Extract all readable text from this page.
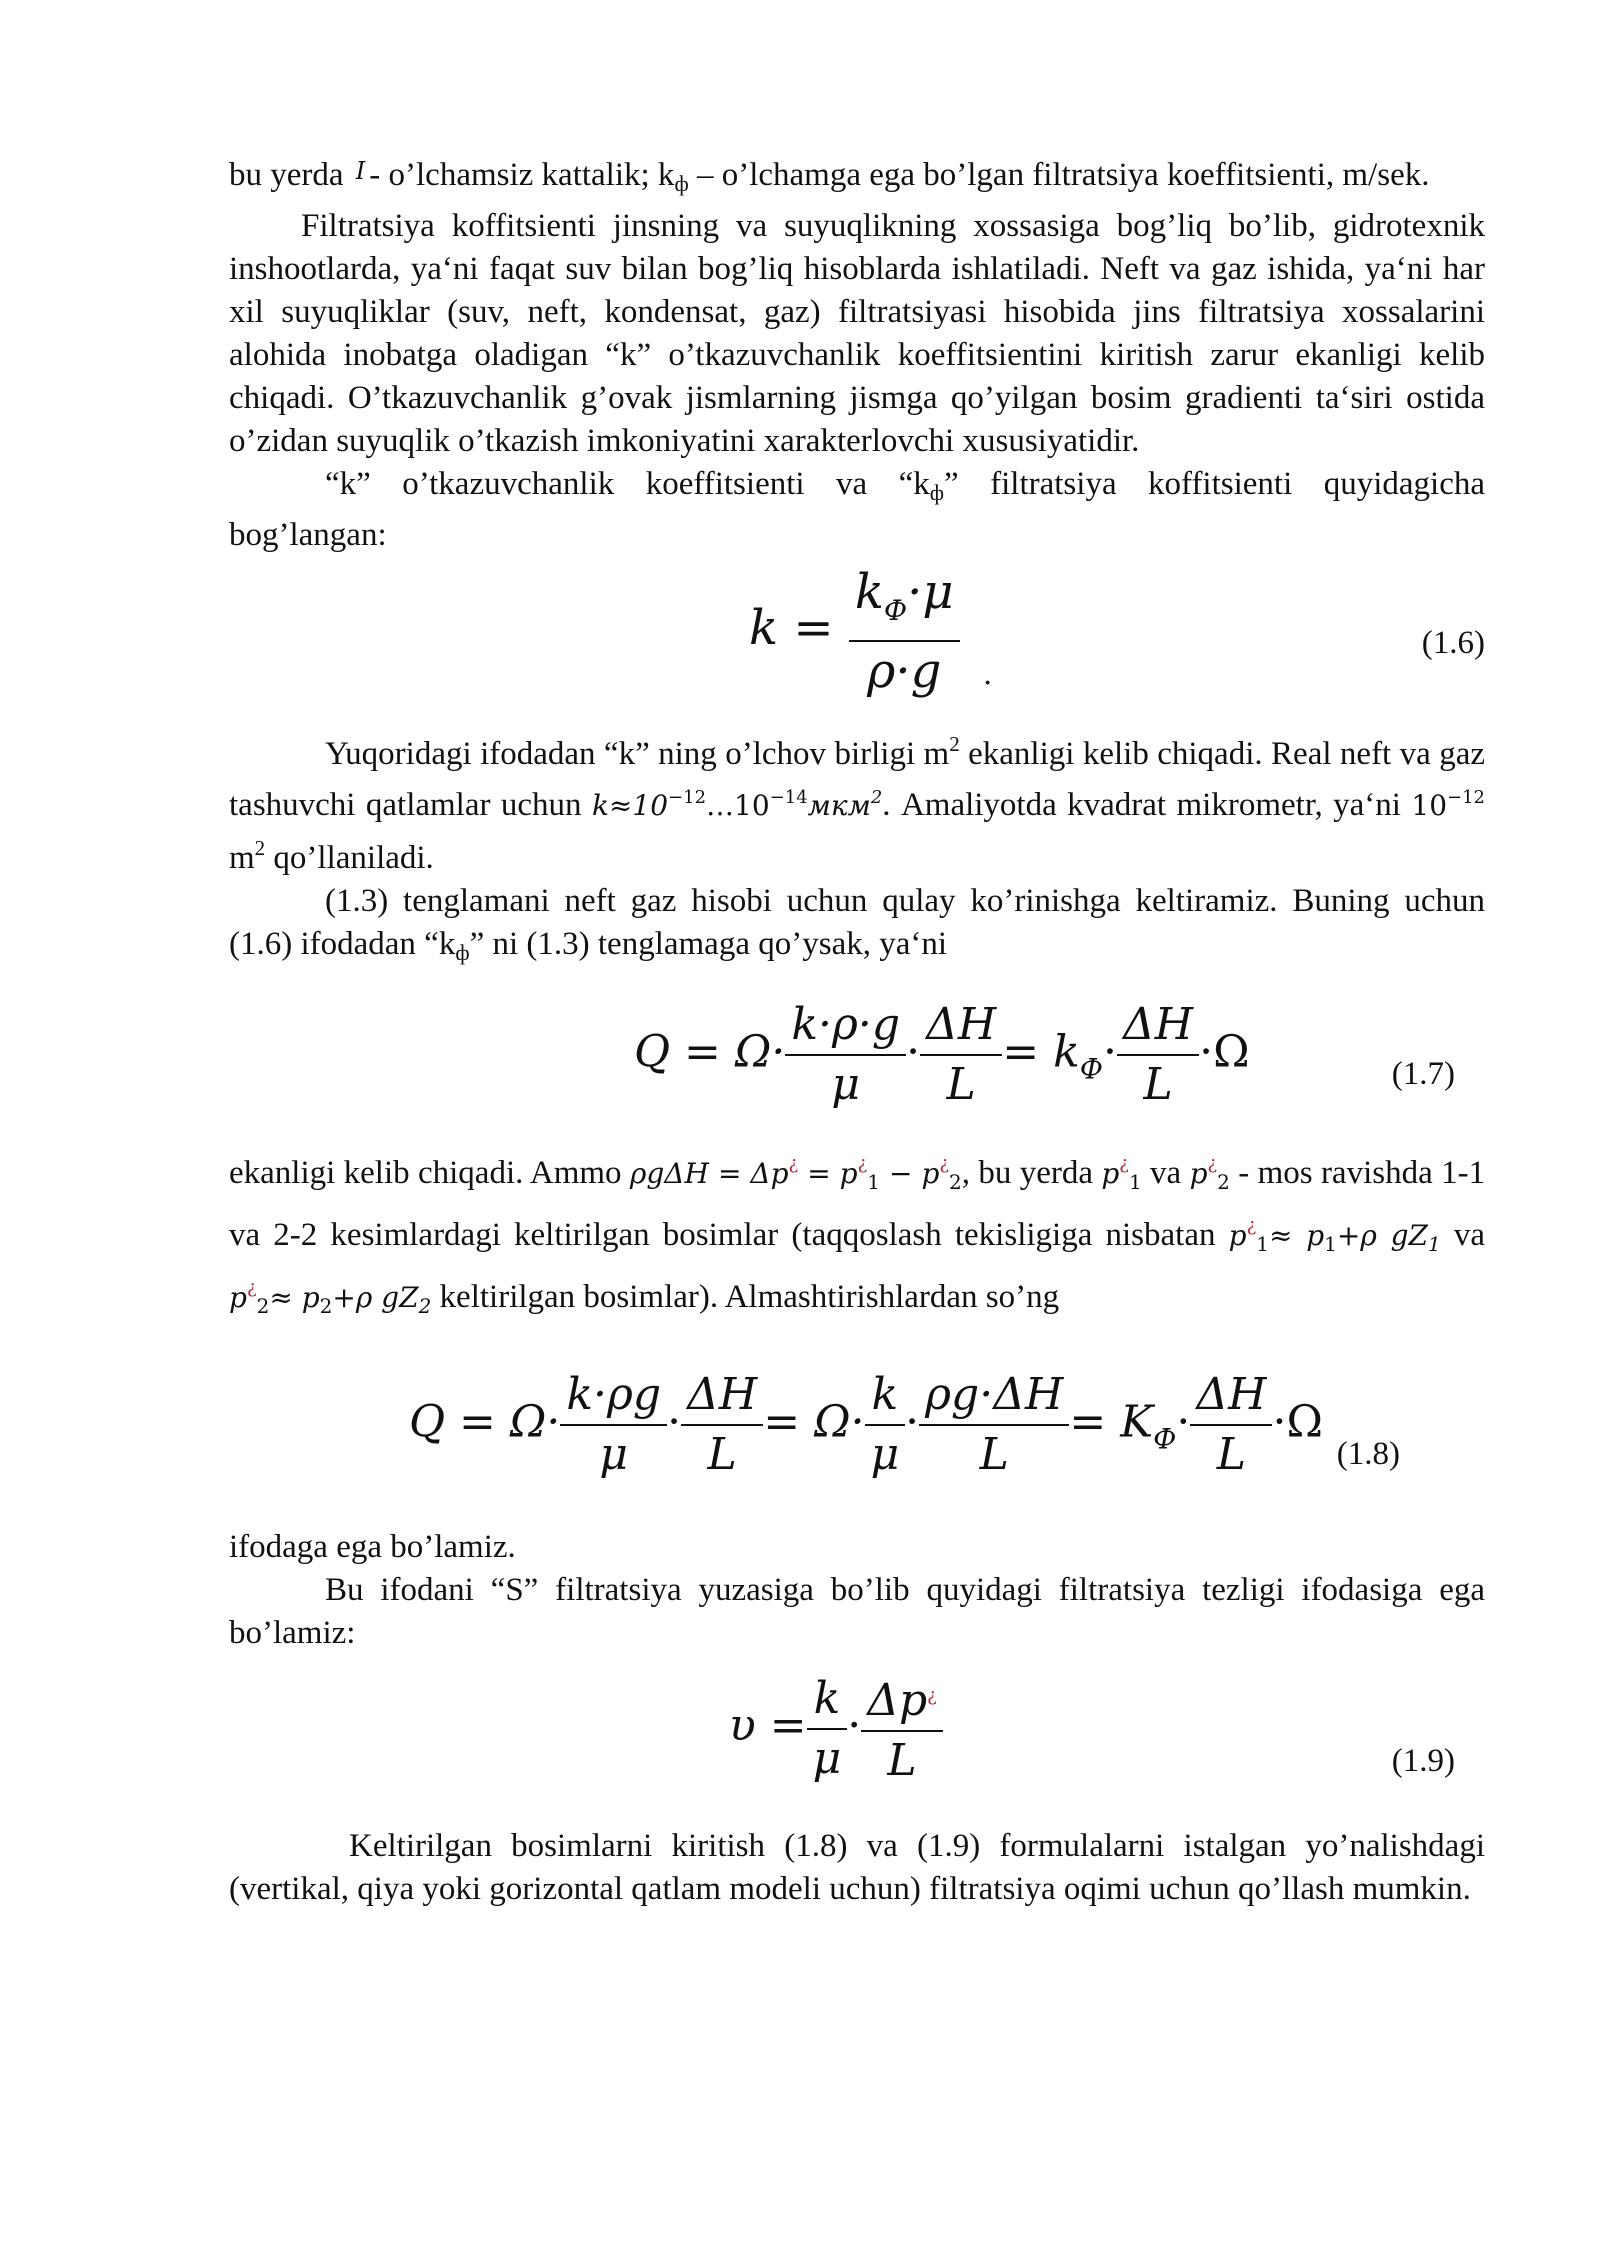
bu yerda I - o’lchamsiz kattalik; $k_ф$ – o’lchamga ega bo’lgan filtratsiya koeffitsienti, m/sek.

Filtratsiya koffitsienti jinsning va suyuqlikning xossasiga bog’liq bo’lib, gidrotexnik inshootlarda, ya‘ni faqat suv bilan bog’liq hisoblarda ishlatiladi. Neft va gaz ishida, ya‘ni har xil suyuqliklar (suv, neft, kondensat, gaz) filtratsiyasi hisobida jins filtratsiya xossalarini alohida inobatga oladigan “k” o’tkazuvchanlik koeffitsientini kiritish zarur ekanligi kelib chiqadi. O’tkazuvchanlik g’ovak jismlarning jismga qo’yilgan bosim gradienti ta‘siri ostida o’zidan suyuqlik o’tkazish imkoniyatini xarakterlovchi xususiyatidir.

“k” o’tkazuvchanlik koeffitsienti va “$k_ф$” filtratsiya koffitsienti quyidagicha bog’langan:

$k = \frac{k_Ф\cdot\mu}{\rho\cdot g} _.$
(1.6)

Yuqoridagi ifodadan “k” ning o’lchov birligi $m^2$ ekanligi kelib chiqadi. Real neft va gaz tashuvchi qatlamlar uchun $k\approx 10^{-12}\dots 10^{-14}мкм^2$. Amaliyotda kvadrat mikrometr, ya‘ni $10^{-12}$ $m^2$ qo’llaniladi.

(1.3) tenglamani neft gaz hisobi uchun qulay ko’rinishga keltiramiz. Buning uchun (1.6) ifodadan “$k_ф$” ni (1.3) tenglamaga qo’ysak, ya‘ni

$Q = \Omega\cdot \frac{k\cdot\rho\cdot g}{\mu} \cdot \frac{\Delta H}{L} = k_Ф\cdot \frac{\Delta H}{L} \cdot\Omega$	(1.7)

ekanligi kelib chiqadi. Ammo $\rho g\Delta H = \Delta p^¿ = p^¿_1 - p^¿_2$, bu yerda $p^¿_1$ va $p^¿_2$ - mos ravishda 1-1 va 2-2 kesimlardagi keltirilgan bosimlar (taqqoslash tekisligiga nisbatan $p^¿_1\approx p_1+\rho$ $gZ_1$ va $p^¿_2\approx p_2+\rho$ $gZ_2$ keltirilgan bosimlar). Almashtirishlardan so’ng

$Q = \Omega\cdot \frac{k\cdot\rho g}{\mu} \cdot \frac{\Delta H}{L} = \Omega\cdot \frac{k}{\mu} \cdot \frac{\rho g\cdot\Delta H}{L} = K_Ф\cdot \frac{\Delta H}{L} \cdot\Omega$
(1.8)

ifodaga ega bo’lamiz.

Bu ifodani “S” filtratsiya yuzasiga bo’lib quyidagi filtratsiya tezligi ifodasiga ega bo’lamiz:

$\upsilon = \frac{k}{\mu} \cdot \frac{\Delta p^¿}{L}$	(1.9)

Keltirilgan bosimlarni kiritish (1.8) va (1.9) formulalarni istalgan yo’nalishdagi (vertikal, qiya yoki gorizontal qatlam modeli uchun) filtratsiya oqimi uchun qo’llash mumkin.
